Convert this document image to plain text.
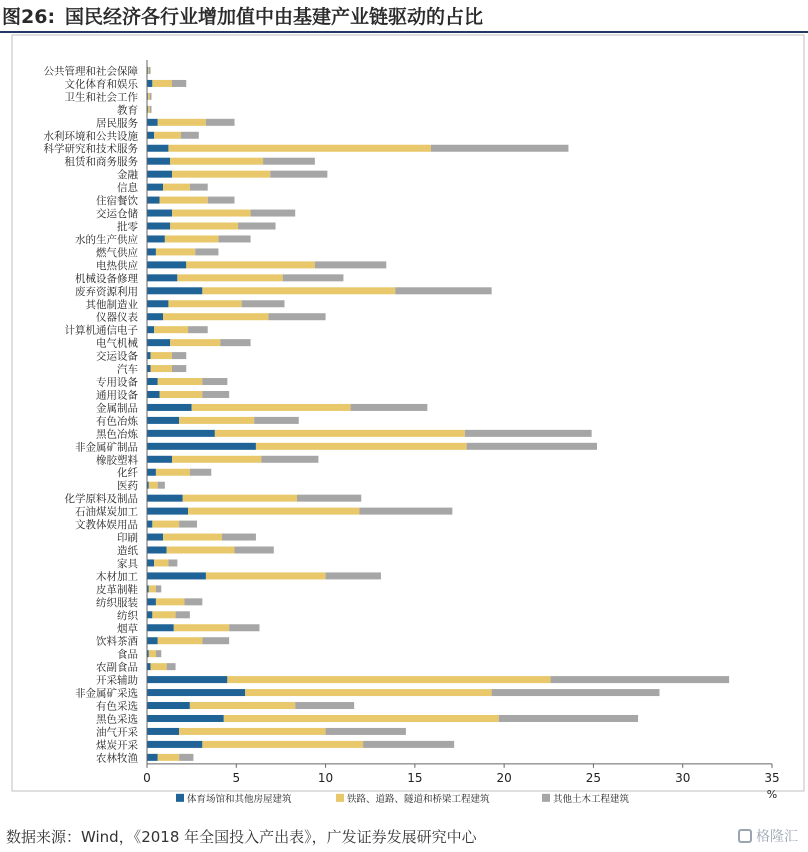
图26: 国民经济各行业增加值中由基建产业链驱动的占比
公共管理和社会保障
文化体育和娱乐
卫生和社会工作
教育
居民服务
水利环境和公共设施
科学研究和技术服务
租赁和商务服务
金融
信息
住宿餐饮
交运仓储
批零
水的生产供应
燃气供应
电热供应
机械设备修理
废弃资源利用
其他制造业
仪器仪表
计算机通信电子
电气机械
交运设备
汽车
专用设备
通用设备
金属制品
有色冶炼
黑色冶炼
非金属矿制品
橡胶塑料
化纤
医药
化学原料及制品
石油煤炭加工
文教体娱用品
印刷
造纸
家具
木材加工
皮革制鞋
纺织服装
纺织
烟草
饮料茶酒
食品
农副食品
开采辅助
非金属矿采选
有色采选
黑色采选
油气开采
煤炭开采
农林牧渔
0	5	10	15	20	25	30	35
%
体育场馆和其他房屋建筑	铁路、道路、隧道和桥梁工程建筑	其他土木工程建筑
数据来源：Wind，《2018 年全国投入产出表》，广发证券发展研究中心	格隆汇
